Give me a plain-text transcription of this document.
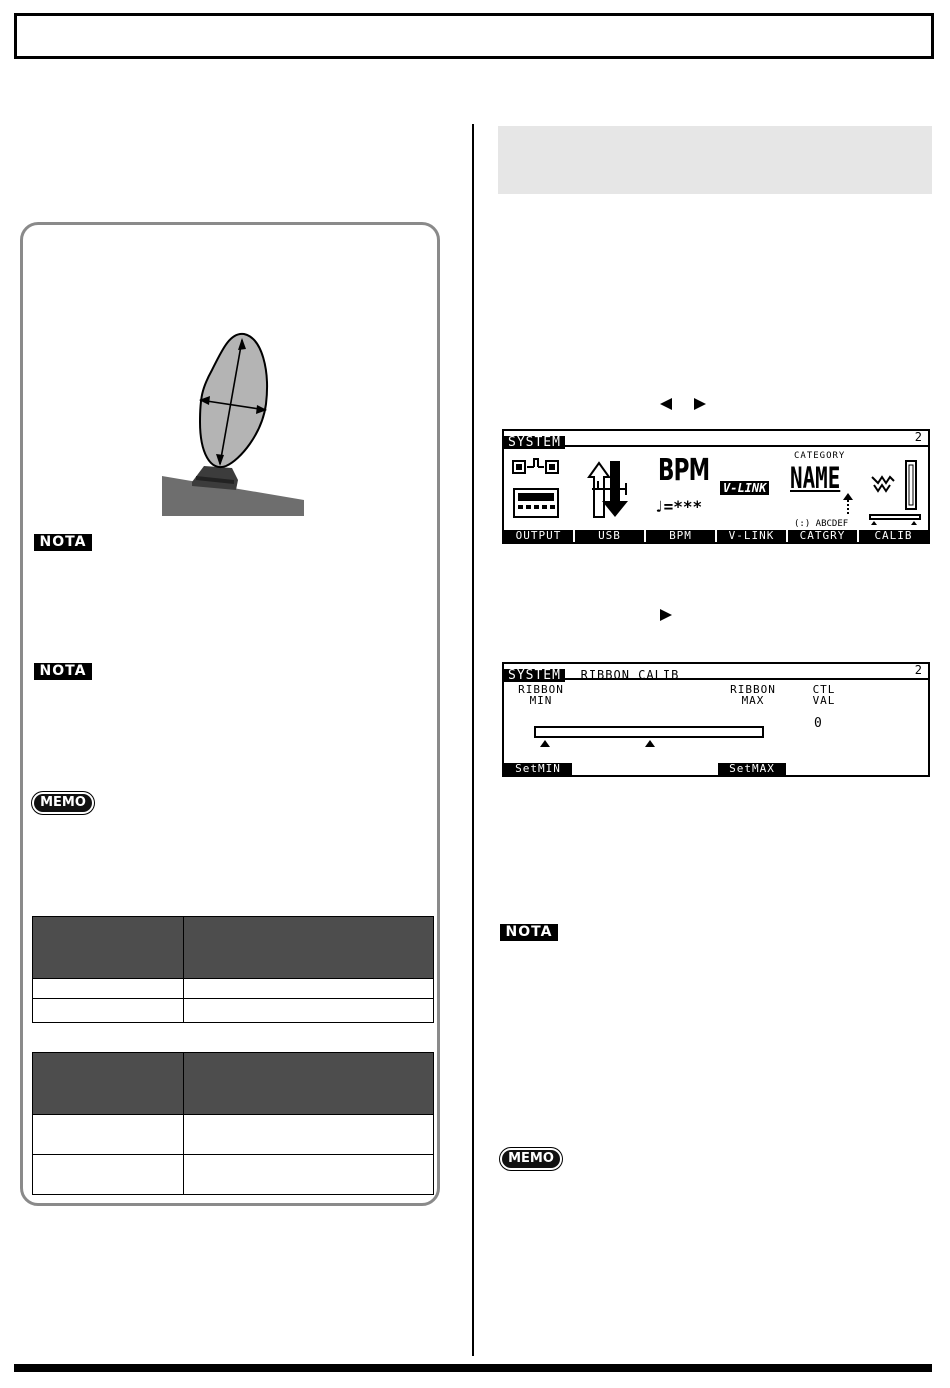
NOTA
NOTA
MEMO

SYSTEM	2
BPM
♩=***
V-LINK
CATEGORY
NAME
(:) ABCDEF
OUTPUT	USB	BPM	V-LINK	CATGRY	CALIB
SYSTEM RIBBON CALIB	2
RIBBON
MIN
RIBBON
MAX
CTL
VAL
0
SetMIN	SetMAX
NOTA
MEMO
